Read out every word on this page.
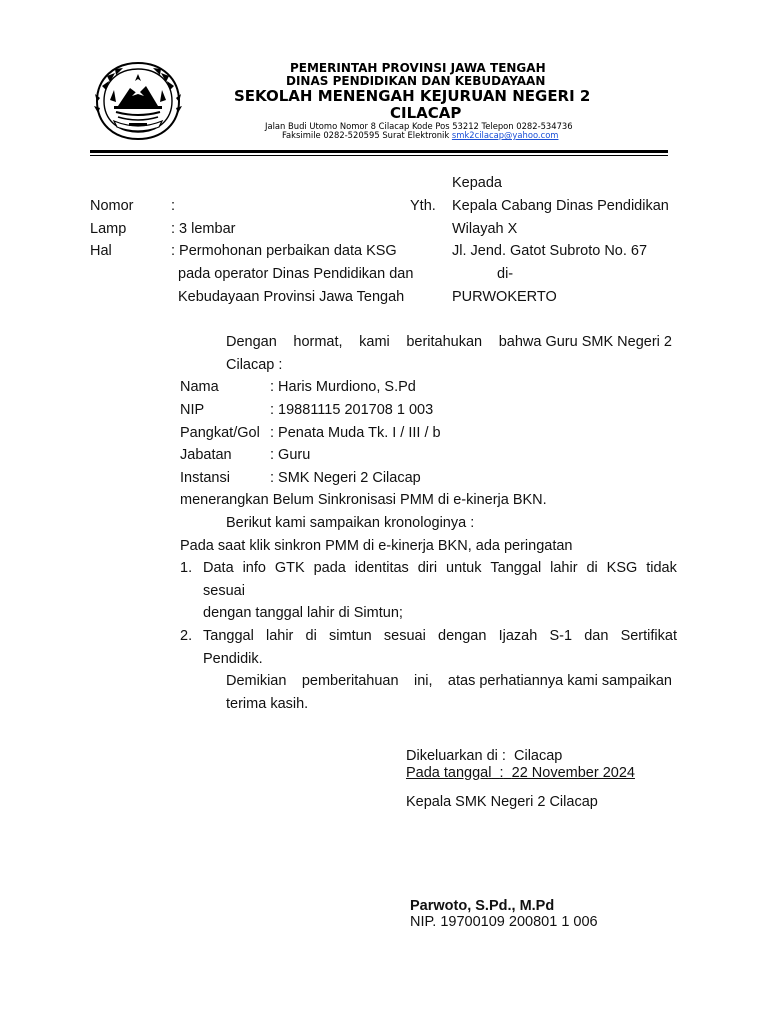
PEMERINTAH PROVINSI JAWA TENGAH
DINAS PENDIDIKAN DAN KEBUDAYAAN
SEKOLAH MENENGAH KEJURUAN NEGERI 2
CILACAP
Jalan Budi Utomo Nomor 8 Cilacap Kode Pos 53212 Telepon 0282-534736
Faksimile 0282-520595 Surat Elektronik smk2cilacap@yahoo.com
Kepada
Kepala Cabang Dinas Pendidikan
Wilayah X
Jl. Jend. Gatot Subroto No. 67
di-
PURWOKERTO
Nomor	:	Yth.
Lamp	: 3 lembar
Hal	: Permohonan perbaikan data KSG
pada operator Dinas Pendidikan dan
Kebudayaan Provinsi Jawa Tengah
Dengan hormat, kami beritahukan bahwa Guru SMK Negeri 2
Cilacap :
Nama	: Haris Murdiono, S.Pd
NIP	: 19881115 201708 1 003
Pangkat/Gol : Penata Muda Tk. I / III / b
Jabatan	: Guru
Instansi	: SMK Negeri 2 Cilacap
menerangkan Belum Sinkronisasi PMM di e-kinerja BKN.
Berikut kami sampaikan kronologinya :
Pada saat klik sinkron PMM di e-kinerja BKN, ada peringatan
1. Data info GTK pada identitas diri untuk Tanggal lahir di KSG tidak
sesuai
dengan tanggal lahir di Simtun;
2. Tanggal lahir di simtun sesuai dengan Ijazah S-1 dan Sertifikat
Pendidik.
Demikian pemberitahuan ini, atas perhatiannya kami sampaikan
terima kasih.
Dikeluarkan di : Cilacap
Pada tanggal : 22 November 2024
Kepala SMK Negeri 2 Cilacap
Parwoto, S.Pd., M.Pd
NIP. 19700109 200801 1 006
